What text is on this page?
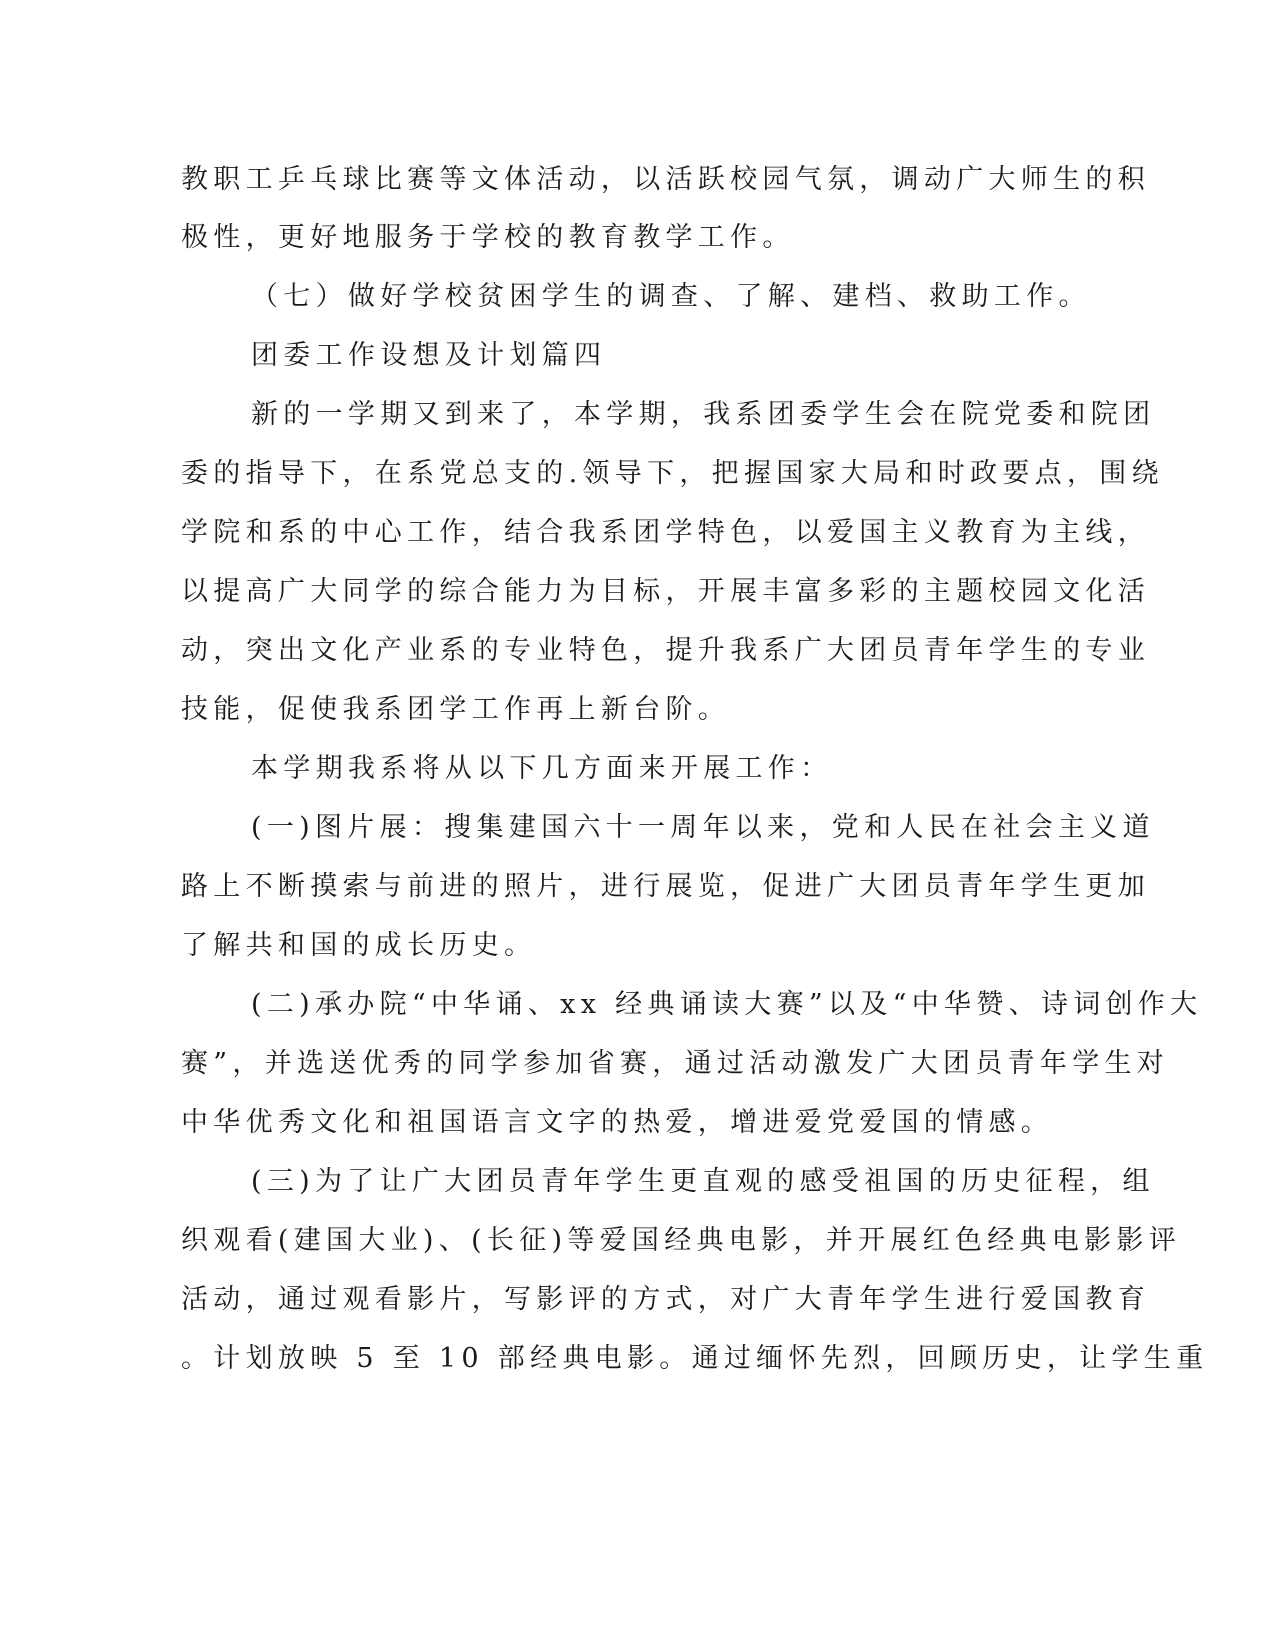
教职工乒乓球比赛等文体活动，以活跃校园气氛，调动广大师生的积
极性，更好地服务于学校的教育教学工作。
（七）做好学校贫困学生的调查、了解、建档、救助工作。
团委工作设想及计划篇四
新的一学期又到来了，本学期，我系团委学生会在院党委和院团
委的指导下，在系党总支的.领导下，把握国家大局和时政要点，围绕
学院和系的中心工作，结合我系团学特色，以爱国主义教育为主线，
以提高广大同学的综合能力为目标，开展丰富多彩的主题校园文化活
动，突出文化产业系的专业特色，提升我系广大团员青年学生的专业
技能，促使我系团学工作再上新台阶。
本学期我系将从以下几方面来开展工作：
(一)图片展：搜集建国六十一周年以来，党和人民在社会主义道
路上不断摸索与前进的照片，进行展览，促进广大团员青年学生更加
了解共和国的成长历史。
(二)承办院“中华诵、xx 经典诵读大赛”以及“中华赞、诗词创作大
赛”，并选送优秀的同学参加省赛，通过活动激发广大团员青年学生对
中华优秀文化和祖国语言文字的热爱，增进爱党爱国的情感。
(三)为了让广大团员青年学生更直观的感受祖国的历史征程，组
织观看(建国大业)、(长征)等爱国经典电影，并开展红色经典电影影评
活动，通过观看影片，写影评的方式，对广大青年学生进行爱国教育
。计划放映 5 至 10 部经典电影。通过缅怀先烈，回顾历史，让学生重
